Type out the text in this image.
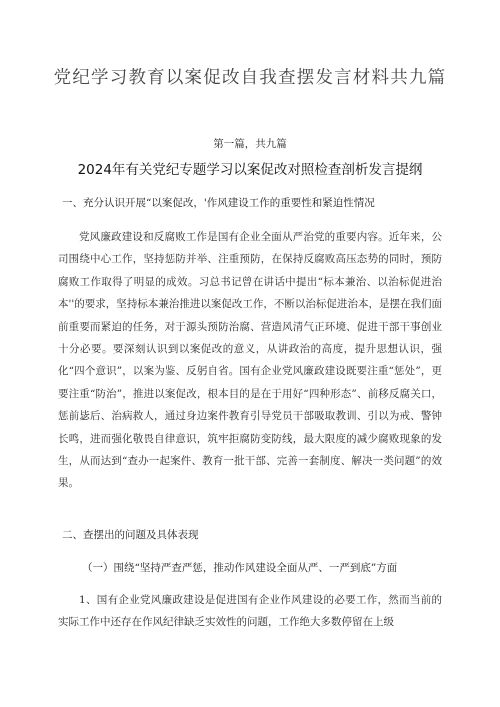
党纪学习教育以案促改自我查摆发言材料共九篇
第一篇，共九篇
2024年有关党纪专题学习以案促改对照检查剖析发言提纲
一、充分认识开展“以案促改，'作风建设工作的重要性和紧迫性情况
党风廉政建设和反腐败工作是国有企业全面从严治党的重要内容。近年来，公司围绕中心工作，坚持惩防并举、注重预防，在保持反腐败高压态势的同时，预防腐败工作取得了明显的成效。习总书记曾在讲话中提出“标本兼治、以治标促进治本''的要求，坚持标本兼治推进以案促改工作，不断以治标促进治本，是摆在我们面前重要而紧迫的任务，对于源头预防治腐、营造风清气正环境、促进干部干事创业十分必要。要深刻认识到以案促改的意义，从讲政治的高度，提升思想认识，强化“四个意识”，以案为鉴、反躬自省。国有企业党风廉政建设既要注重“惩处”，更要注重“防治”，推进以案促改，根本目的是在于用好“四种形态”、前移反腐关口，惩前毖后、治病救人，通过身边案件教育引导党员干部吸取教训、引以为戒、警钟长鸣，进而强化敬畏自律意识，筑牢拒腐防变防线，最大限度的减少腐败现象的发生，从而达到“查办一起案件、教育一批干部、完善一套制度、解决一类问题”的效果。
二、查摆出的问题及具体表现
（一）围绕“坚持严查严惩，推动作风建设全面从严、一严到底”方面
1、国有企业党风廉政建设是促进国有企业作风建设的必要工作，然而当前的实际工作中还存在作风纪律缺乏实效性的问题，工作绝大多数停留在上级
